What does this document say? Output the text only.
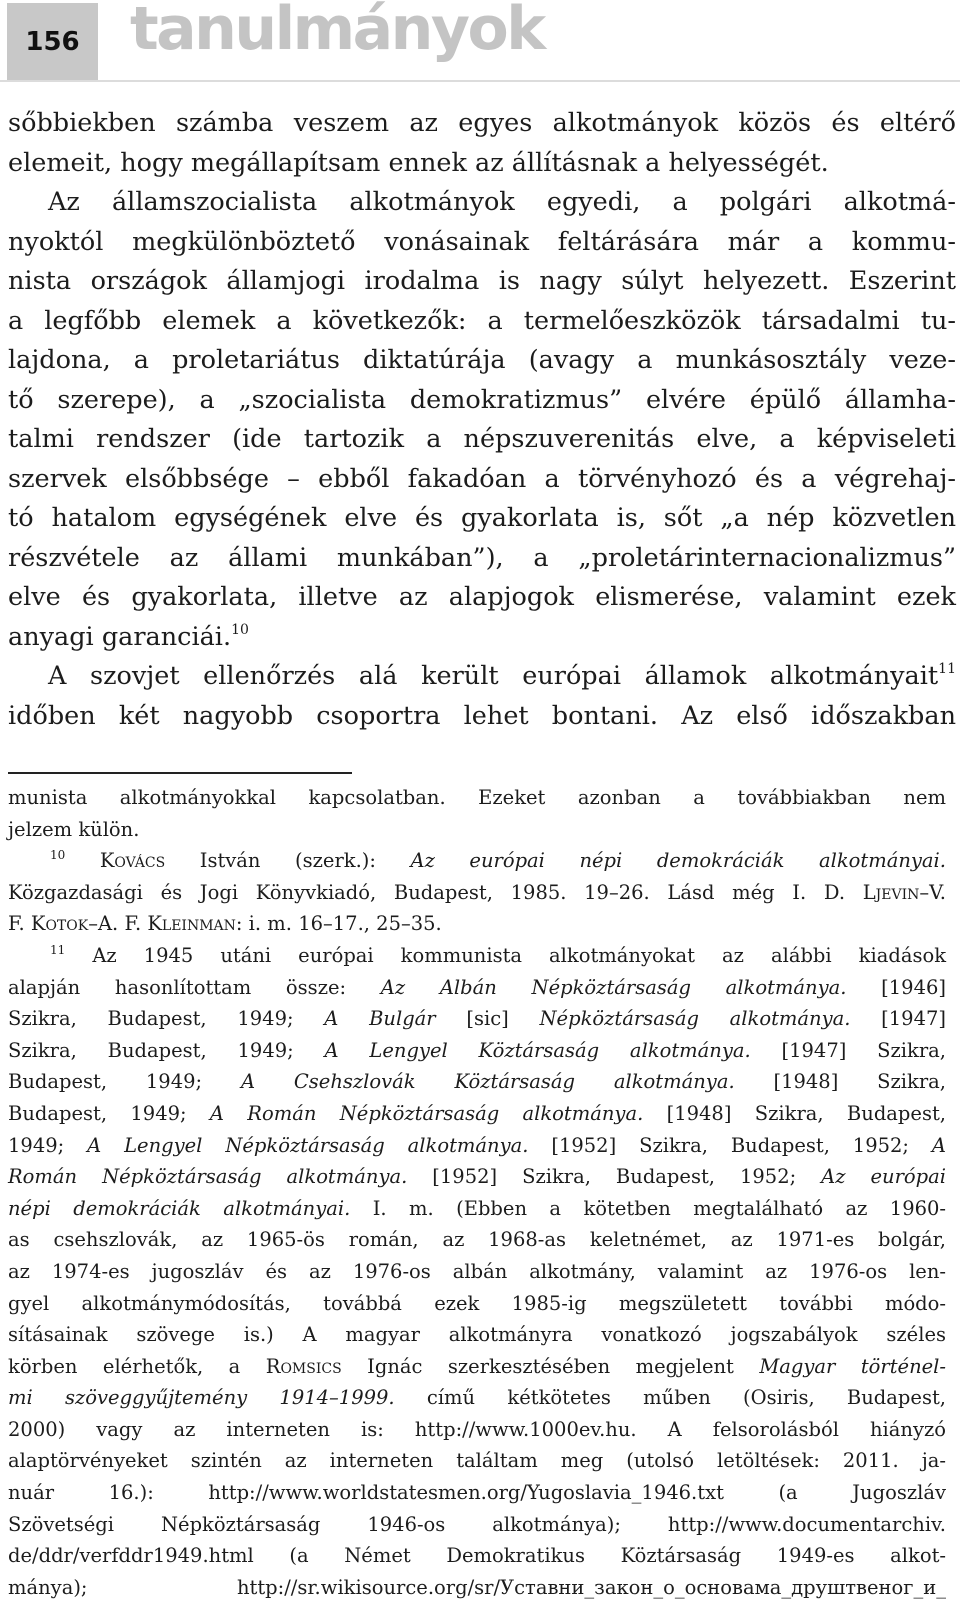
156 tanulmányok
sőbbiekben számba veszem az egyes alkotmányok közös és eltérő
elemeit, hogy megállapítsam ennek az állításnak a helyességét.
Az államszocialista alkotmányok egyedi, a polgári alkotmá-
nyoktól megkülönböztető vonásainak feltárására már a kommu-
nista országok államjogi irodalma is nagy súlyt helyezett. Eszerint
a legfőbb elemek a következők: a termelőeszközök társadalmi tu-
lajdona, a proletariátus diktatúrája (avagy a munkásosztály veze-
tő szerepe), a „szocialista demokratizmus” elvére épülő államha-
talmi rendszer (ide tartozik a népszuverenitás elve, a képviseleti
szervek elsőbbsége – ebből fakadóan a törvényhozó és a végrehaj-
tó hatalom egységének elve és gyakorlata is, sőt „a nép közvetlen
részvétele az állami munkában”), a „proletárinternacionalizmus”
elve és gyakorlata, illetve az alapjogok elismerése, valamint ezek
anyagi garanciái.$^{10}$
A szovjet ellenőrzés alá került európai államok alkotmányait$^{11}$
időben két nagyobb csoportra lehet bontani. Az első időszakban
munista alkotmányokkal kapcsolatban. Ezeket azonban a továbbiakban nem
jelzem külön.
$^{10}$ Kovács István (szerk.): Az európai népi demokráciák alkotmányai.
Közgazdasági és Jogi Könyvkiadó, Budapest, 1985. 19–26. Lásd még I. D. Ljevin–V.
F. Kotok–A. F. Kleinman: i. m. 16–17., 25–35.
$^{11}$ Az 1945 utáni európai kommunista alkotmányokat az alábbi kiadások
alapján hasonlítottam össze: Az Albán Népköztársaság alkotmánya. [1946]
Szikra, Budapest, 1949; A Bulgár [sic] Népköztársaság alkotmánya. [1947]
Szikra, Budapest, 1949; A Lengyel Köztársaság alkotmánya. [1947] Szikra,
Budapest, 1949; A Csehszlovák Köztársaság alkotmánya. [1948] Szikra,
Budapest, 1949; A Román Népköztársaság alkotmánya. [1948] Szikra, Budapest,
1949; A Lengyel Népköztársaság alkotmánya. [1952] Szikra, Budapest, 1952; A
Román Népköztársaság alkotmánya. [1952] Szikra, Budapest, 1952; Az európai
népi demokráciák alkotmányai. I. m. (Ebben a kötetben megtalálható az 1960-
as csehszlovák, az 1965-ös román, az 1968-as keletnémet, az 1971-es bolgár,
az 1974-es jugoszláv és az 1976-os albán alkotmány, valamint az 1976-os len-
gyel alkotmánymódosítás, továbbá ezek 1985-ig megszületett további módo-
sításainak szövege is.) A magyar alkotmányra vonatkozó jogszabályok széles
körben elérhetők, a Romsics Ignác szerkesztésében megjelent Magyar történel-
mi szöveggyűjtemény 1914–1999. című kétkötetes műben (Osiris, Budapest,
2000) vagy az interneten is: http://www.1000ev.hu. A felsorolásból hiányzó
alaptörvényeket szintén az interneten találtam meg (utolsó letöltések: 2011. ja-
nuár 16.): http://www.worldstatesmen.org/Yugoslavia_1946.txt (a Jugoszláv
Szövetségi Népköztársaság 1946-os alkotmánya); http://www.documentarchiv.
de/ddr/verfddr1949.html (a Német Demokratikus Köztársaság 1949-es alkot-
mánya); http://sr.wikisource.org/sr/Уставни_закон_о_основама_друштвеног_и_
